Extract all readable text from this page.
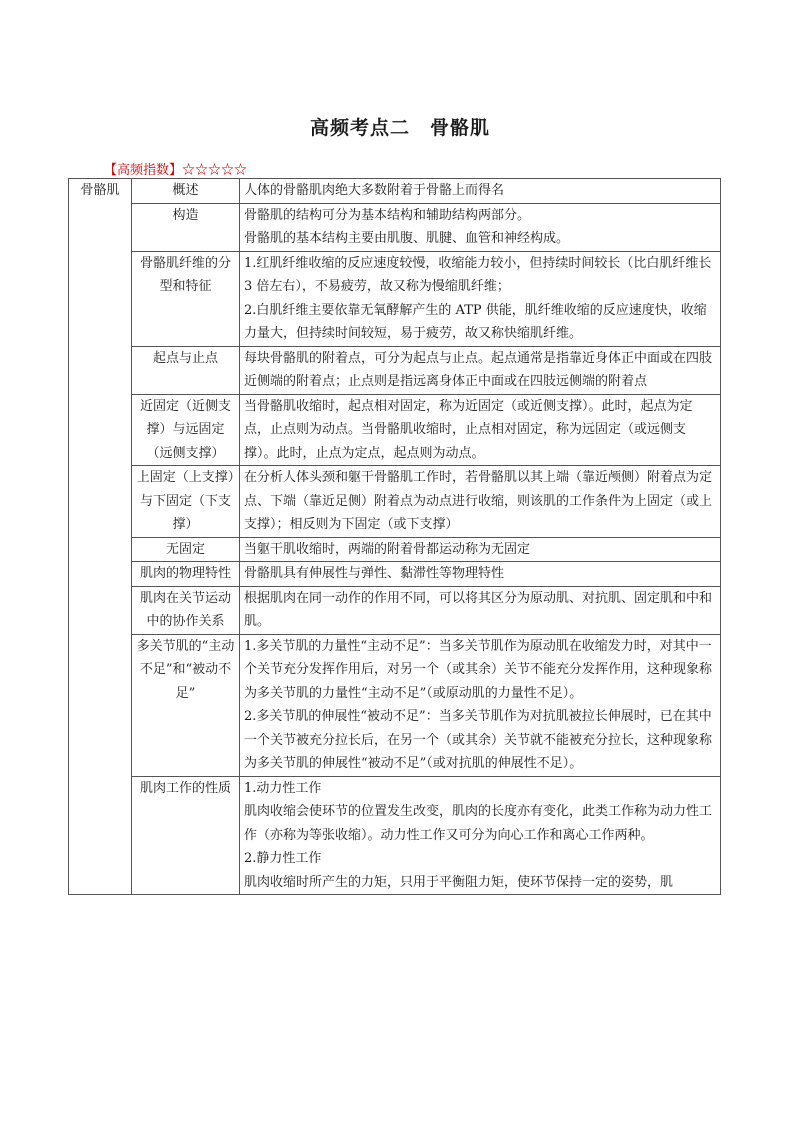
高频考点二　骨骼肌
【高频指数】☆☆☆☆☆
骨骼肌	概述	人体的骨骼肌肉绝大多数附着于骨骼上而得名

	构造	骨骼肌的结构可分为基本结构和辅助结构两部分。
骨骼肌的基本结构主要由肌腹、肌腱、血管和神经构成。

	骨骼肌纤维的分型和特征	1.红肌纤维收缩的反应速度较慢，收缩能力较小，但持续时间较长（比白肌纤维长 3 倍左右），不易疲劳，故又称为慢缩肌纤维；
2.白肌纤维主要依靠无氧酵解产生的 ATP 供能，肌纤维收缩的反应速度快，收缩力量大，但持续时间较短，易于疲劳，故又称快缩肌纤维。

	起点与止点	每块骨骼肌的附着点，可分为起点与止点。起点通常是指靠近身体正中面或在四肢近侧端的附着点；止点则是指远离身体正中面或在四肢远侧端的附着点

	近固定（近侧支撑）与远固定（远侧支撑）	当骨骼肌收缩时，起点相对固定，称为近固定（或近侧支撑）。此时，起点为定点，止点则为动点。当骨骼肌收缩时，止点相对固定，称为远固定（或远侧支撑）。此时，止点为定点，起点则为动点。

	上固定（上支撑）与下固定（下支撑）	在分析人体头颈和躯干骨骼肌工作时，若骨骼肌以其上端（靠近颅侧）附着点为定点、下端（靠近足侧）附着点为动点进行收缩，则该肌的工作条件为上固定（或上支撑）；相反则为下固定（或下支撑）

	无固定	当躯干肌收缩时，两端的附着骨都运动称为无固定

	肌肉的物理特性	骨骼肌具有伸展性与弹性、黏滞性等物理特性

	肌肉在关节运动中的协作关系	根据肌肉在同一动作的作用不同，可以将其区分为原动肌、对抗肌、固定肌和中和肌。

	多关节肌的“主动不足”和“被动不足”	1.多关节肌的力量性“主动不足”：当多关节肌作为原动肌在收缩发力时，对其中一个关节充分发挥作用后，对另一个（或其余）关节不能充分发挥作用，这种现象称为多关节肌的力量性“主动不足”（或原动肌的力量性不足）。
2.多关节肌的伸展性“被动不足”：当多关节肌作为对抗肌被拉长伸展时，已在其中一个关节被充分拉长后，在另一个（或其余）关节就不能被充分拉长，这种现象称为多关节肌的伸展性“被动不足”（或对抗肌的伸展性不足）。

	肌肉工作的性质	1.动力性工作
肌肉收缩会使环节的位置发生改变，肌肉的长度亦有变化，此类工作称为动力性工作（亦称为等张收缩）。动力性工作又可分为向心工作和离心工作两种。
2.静力性工作
肌肉收缩时所产生的力矩，只用于平衡阻力矩，使环节保持一定的姿势，肌
